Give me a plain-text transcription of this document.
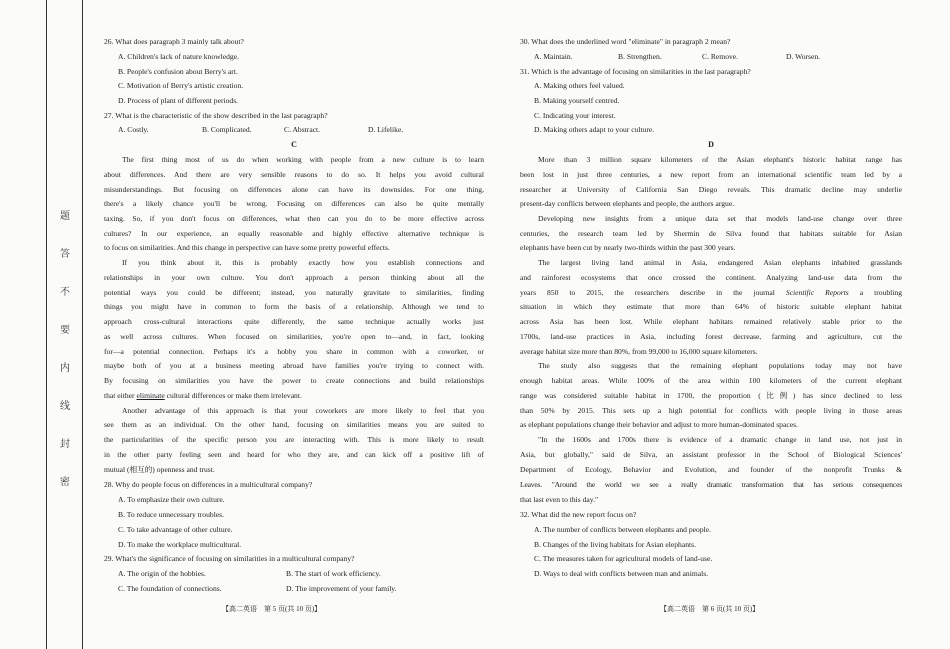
题
答
不
要
内
线
封
密
26. What does paragraph 3 mainly talk about?
A. Children's lack of nature knowledge.
B. People's confusion about Berry's art.
C. Motivation of Berry's artistic creation.
D. Process of plant of different periods.
27. What is the characteristic of the show described in the last paragraph?
A. Costly.	B. Complicated.	C. Abstract.	D. Lifelike.
C
The first thing most of us do when working with people from a new culture is to learn
about differences. And there are very sensible reasons to do so. It helps you avoid cultural
misunderstandings. But focusing on differences alone can have its downsides. For one thing,
there's a likely chance you'll be wrong. Focusing on differences can also be quite mentally
taxing. So, if you don't focus on differences, what then can you do to be more effective across
cultures? In our experience, an equally reasonable and highly effective alternative technique is
to focus on similarities. And this change in perspective can have some pretty powerful effects.
If you think about it, this is probably exactly how you establish connections and
relationships in your own culture. You don't approach a person thinking about all the
potential ways you could be different; instead, you naturally gravitate to similarities, finding
things you might have in common to form the basis of a relationship. Although we tend to
approach cross-cultural interactions quite differently, the same technique actually works just
as well across cultures. When focused on similarities, you're open to—and, in fact, looking
for—a potential connection. Perhaps it's a hobby you share in common with a coworker, or
maybe both of you at a business meeting abroad have families you're trying to connect with.
By focusing on similarities you have the power to create connections and build relationships
that either eliminate cultural differences or make them irrelevant.
Another advantage of this approach is that your coworkers are more likely to feel that you
see them as an individual. On the other hand, focusing on similarities means you are suited to
the particularities of the specific person you are interacting with. This is more likely to result
in the other party feeling seen and heard for who they are, and can kick off a positive lift of
mutual (相互的) openness and trust.
28. Why do people focus on differences in a multicultural company?
A. To emphasize their own culture.
B. To reduce unnecessary troubles.
C. To take advantage of other culture.
D. To make the workplace multicultural.
29. What's the significance of focusing on similarities in a multicultural company?
A. The origin of the hobbies.	B. The start of work efficiency.
C. The foundation of connections.	D. The improvement of your family.
【高二英语　第 5 页(共 10 页)】
30. What does the underlined word "eliminate" in paragraph 2 mean?
A. Maintain.	B. Strengthen.	C. Remove.	D. Worsen.
31. Which is the advantage of focusing on similarities in the last paragraph?
A. Making others feel valued.
B. Making yourself centred.
C. Indicating your interest.
D. Making others adapt to your culture.
D
More than 3 million square kilometers of the Asian elephant's historic habitat range has
been lost in just three centuries, a new report from an international scientific team led by a
researcher at University of California San Diego reveals. This dramatic decline may underlie
present-day conflicts between elephants and people, the authors argue.
Developing new insights from a unique data set that models land-use change over three
centuries, the research team led by Shermin de Silva found that habitats suitable for Asian
elephants have been cut by nearly two-thirds within the past 300 years.
The largest living land animal in Asia, endangered Asian elephants inhabited grasslands
and rainforest ecosystems that once crossed the continent. Analyzing land-use data from the
years 850 to 2015, the researchers describe in the journal Scientific Reports a troubling
situation in which they estimate that more than 64% of historic suitable elephant habitat
across Asia has been lost. While elephant habitats remained relatively stable prior to the
1700s, land-use practices in Asia, including forest decrease, farming and agriculture, cut the
average habitat size more than 80%, from 99,000 to 16,000 square kilometers.
The study also suggests that the remaining elephant populations today may not have
enough habitat areas. While 100% of the area within 100 kilometers of the current elephant
range was considered suitable habitat in 1700, the proportion (比例) has since declined to less
than 50% by 2015. This sets up a high potential for conflicts with people living in those areas
as elephant populations change their behavior and adjust to more human-dominated spaces.
"In the 1600s and 1700s there is evidence of a dramatic change in land use, not just in
Asia, but globally," said de Silva, an assistant professor in the School of Biological Sciences'
Department of Ecology, Behavior and Evolution, and founder of the nonprofit Trunks &
Leaves. "Around the world we see a really dramatic transformation that has serious consequences
that last even to this day."
32. What did the new report focus on?
A. The number of conflicts between elephants and people.
B. Changes of the living habitats for Asian elephants.
C. The measures taken for agricultural models of land-use.
D. Ways to deal with conflicts between man and animals.
【高二英语　第 6 页(共 10 页)】
